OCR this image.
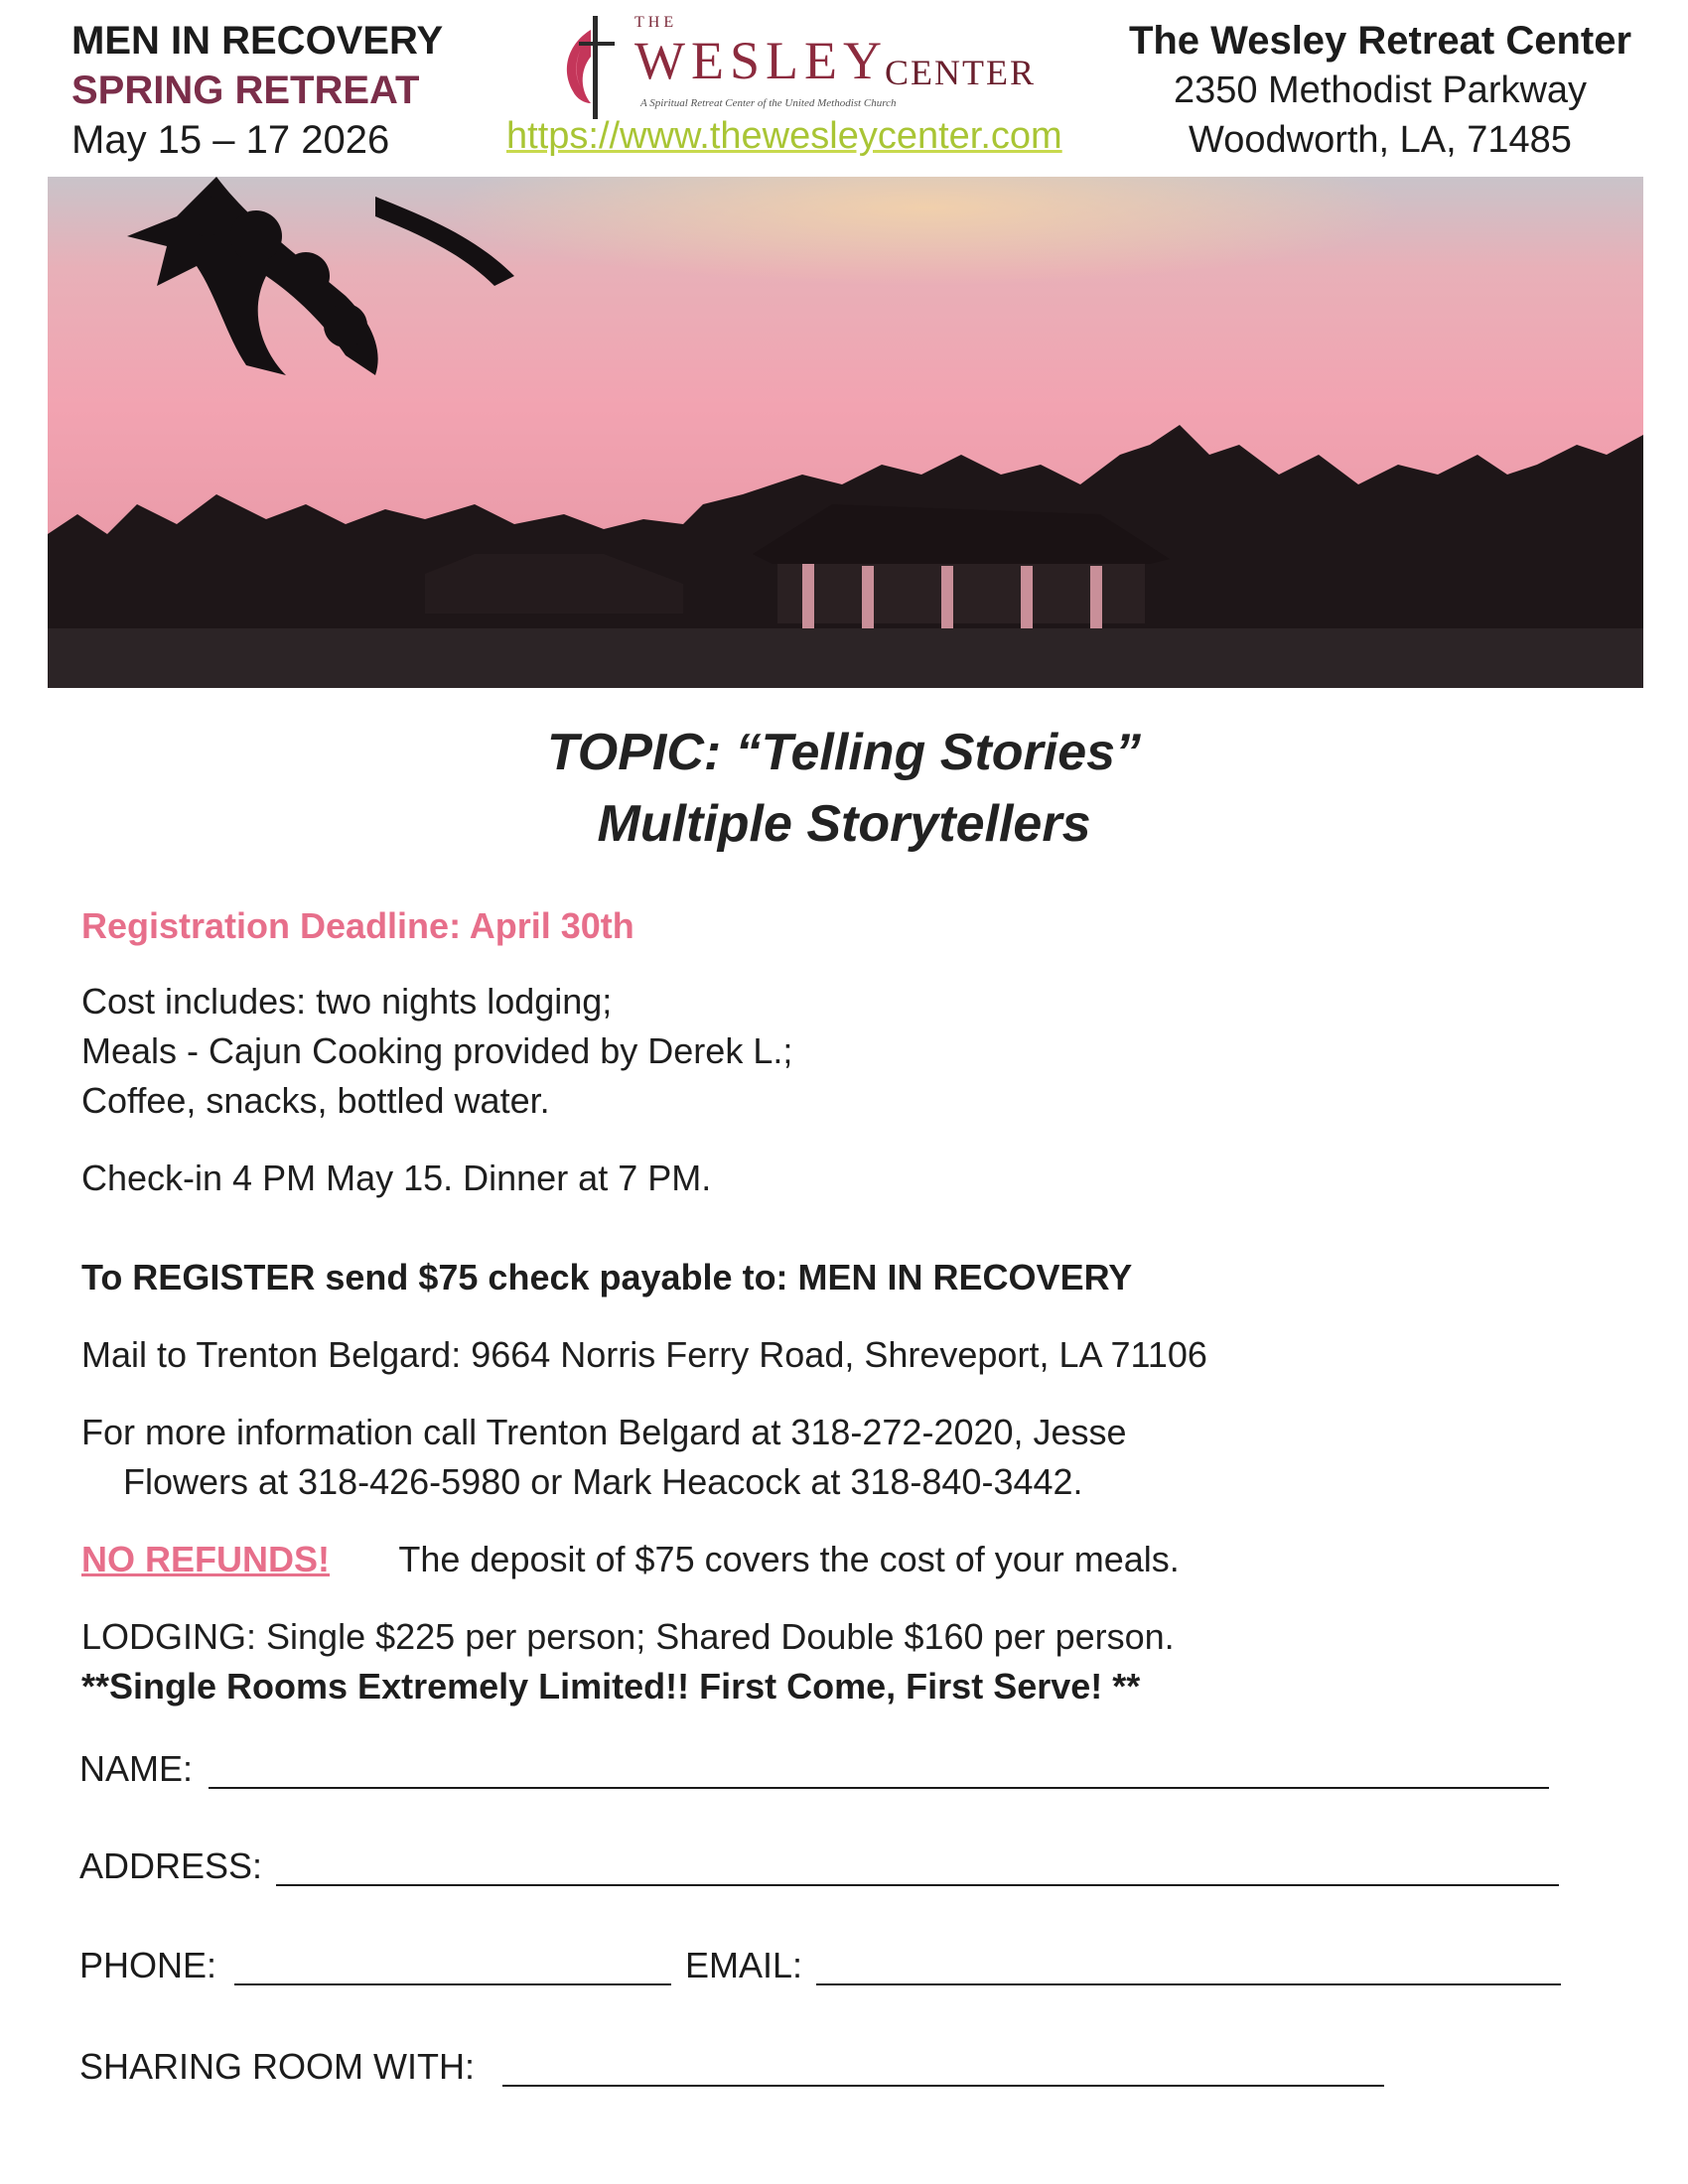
MEN IN RECOVERY
SPRING RETREAT
May 15 – 17 2026
THE
WESLEY
CENTER
A Spiritual Retreat Center of the United Methodist Church
https://www.thewesleycenter.com
The Wesley Retreat Center
2350 Methodist Parkway
Woodworth, LA, 71485
TOPIC: “Telling Stories”
Multiple Storytellers
Registration Deadline: April 30th
Cost includes: two nights lodging;
Meals - Cajun Cooking provided by Derek L.;
Coffee, snacks, bottled water.
Check-in 4 PM May 15. Dinner at 7 PM.
To REGISTER send $75 check payable to: MEN IN RECOVERY
Mail to Trenton Belgard: 9664 Norris Ferry Road, Shreveport, LA 71106
For more information call Trenton Belgard at 318-272-2020, Jesse
Flowers at 318-426-5980 or Mark Heacock at 318-840-3442.
NO REFUNDS! The deposit of $75 covers the cost of your meals.
LODGING: Single $225 per person; Shared Double $160 per person.
**Single Rooms Extremely Limited!! First Come, First Serve! **
NAME:
ADDRESS:
PHONE:	EMAIL:
SHARING ROOM WITH:
